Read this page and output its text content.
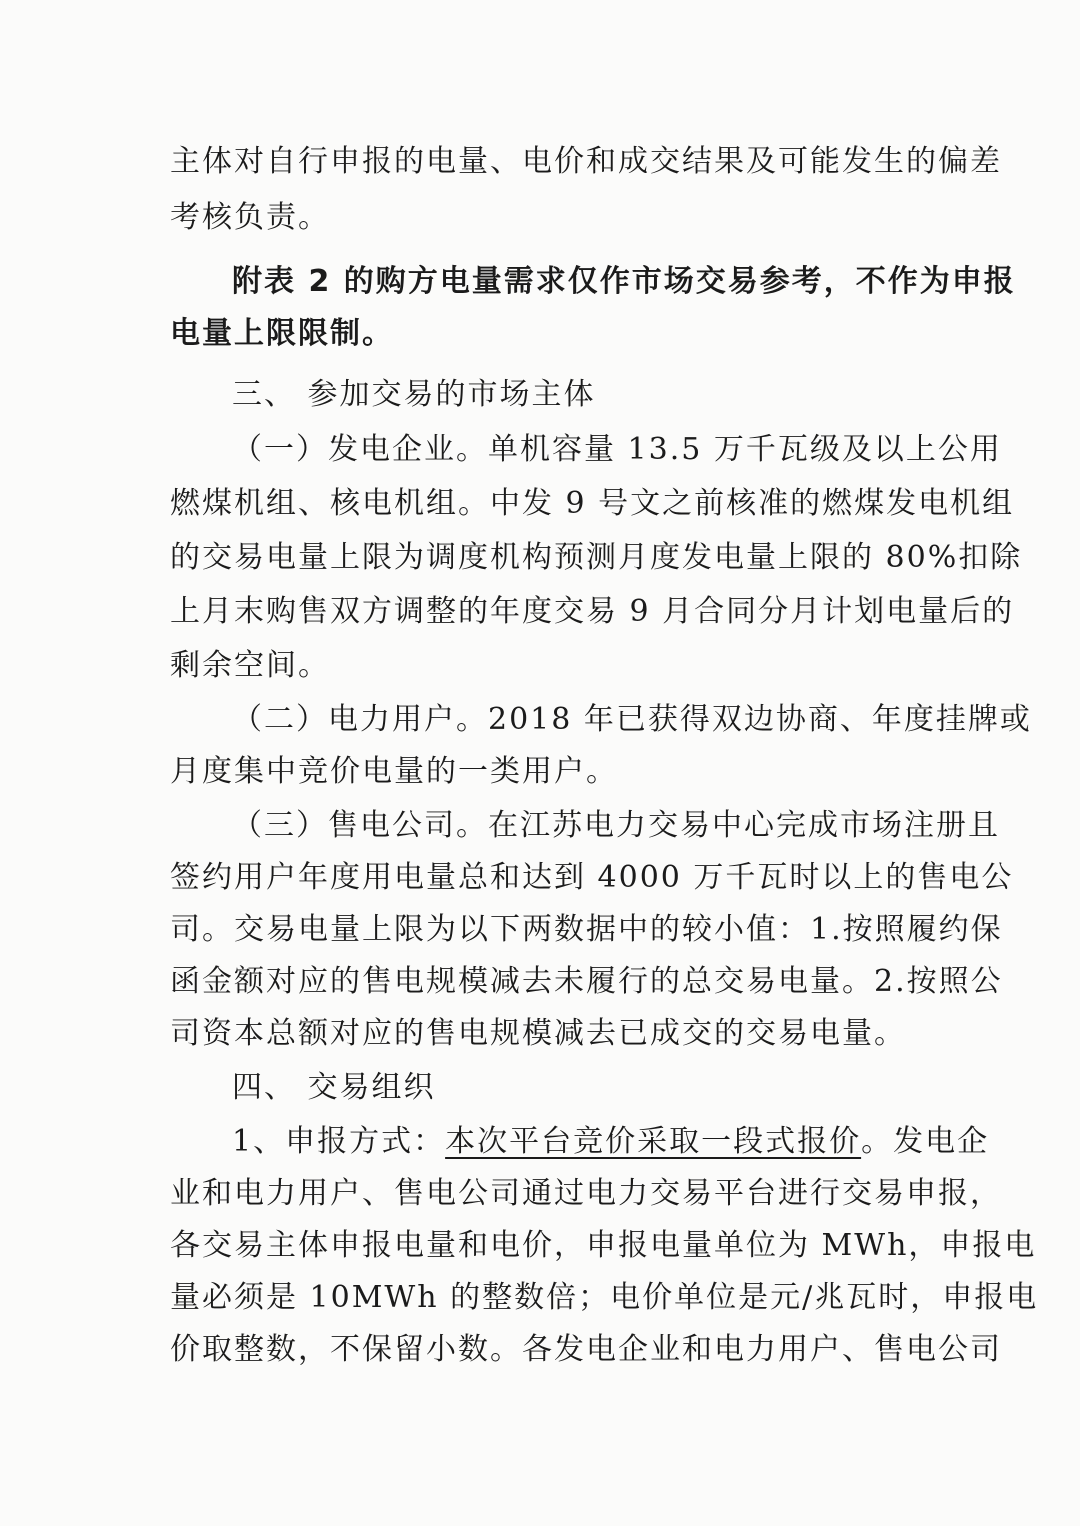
主体对自行申报的电量、电价和成交结果及可能发生的偏差
考核负责。
附表 2 的购方电量需求仅作市场交易参考，不作为申报
电量上限限制。
三、 参加交易的市场主体
（一）发电企业。单机容量 13.5 万千瓦级及以上公用
燃煤机组、核电机组。中发 9 号文之前核准的燃煤发电机组
的交易电量上限为调度机构预测月度发电量上限的 80%扣除
上月末购售双方调整的年度交易 9 月合同分月计划电量后的
剩余空间。
（二）电力用户。2018 年已获得双边协商、年度挂牌或
月度集中竞价电量的一类用户。
（三）售电公司。在江苏电力交易中心完成市场注册且
签约用户年度用电量总和达到 4000 万千瓦时以上的售电公
司。交易电量上限为以下两数据中的较小值：1.按照履约保
函金额对应的售电规模减去未履行的总交易电量。2.按照公
司资本总额对应的售电规模减去已成交的交易电量。
四、 交易组织
1、申报方式：本次平台竞价采取一段式报价。发电企
业和电力用户、售电公司通过电力交易平台进行交易申报，
各交易主体申报电量和电价，申报电量单位为 MWh，申报电
量必须是 10MWh 的整数倍；电价单位是元/兆瓦时，申报电
价取整数，不保留小数。各发电企业和电力用户、售电公司
